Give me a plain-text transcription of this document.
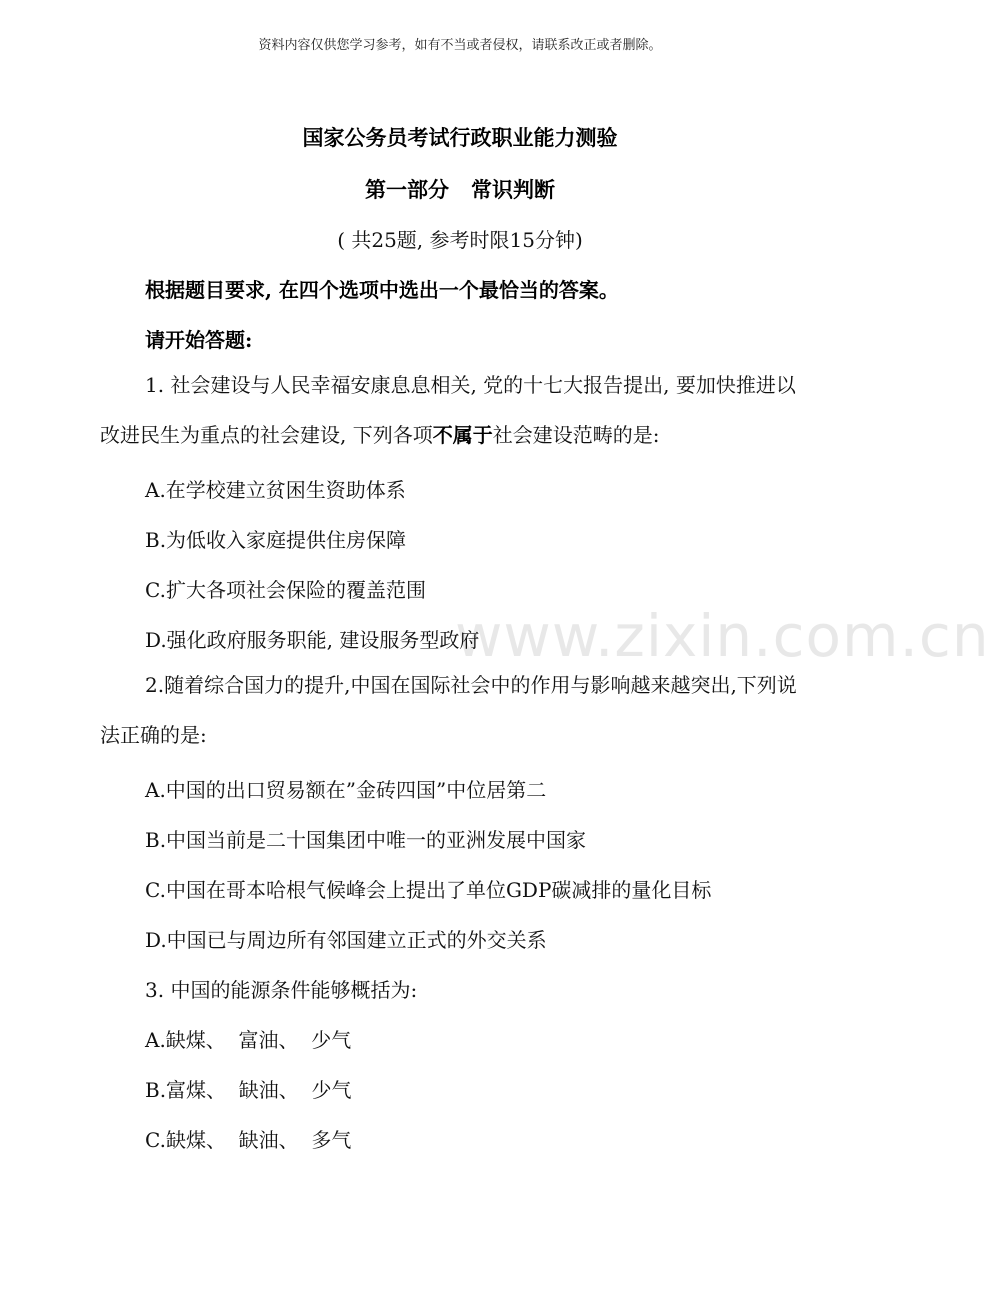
www.zixin.com.cn
资料内容仅供您学习参考，如有不当或者侵权，请联系改正或者删除。
国家公务员考试行政职业能力测验
第一部分   常识判断
( 共25题, 参考时限15分钟)
根据题目要求, 在四个选项中选出一个最恰当的答案。
请开始答题:
1. 社会建设与人民幸福安康息息相关, 党的十七大报告提出, 要加快推进以改进民生为重点的社会建设, 下列各项不属于社会建设范畴的是:
A.在学校建立贫困生资助体系
B.为低收入家庭提供住房保障
C.扩大各项社会保险的覆盖范围
D.强化政府服务职能, 建设服务型政府
2.随着综合国力的提升,中国在国际社会中的作用与影响越来越突出,下列说法正确的是:
A.中国的出口贸易额在”金砖四国”中位居第二
B.中国当前是二十国集团中唯一的亚洲发展中国家
C.中国在哥本哈根气候峰会上提出了单位GDP碳减排的量化目标
D.中国已与周边所有邻国建立正式的外交关系
3. 中国的能源条件能够概括为:
A.缺煤、  富油、  少气
B.富煤、  缺油、  少气
C.缺煤、  缺油、  多气
